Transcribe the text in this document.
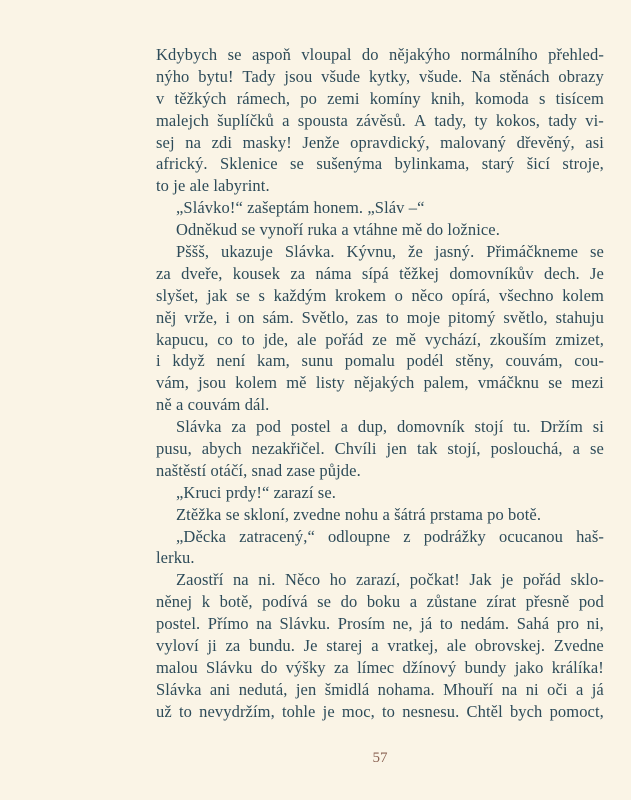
Kdybych se aspoň vloupal do nějakýho normálního přehled-
nýho bytu! Tady jsou všude kytky, všude. Na stěnách obrazy
v těžkých rámech, po zemi komíny knih, komoda s tisícem
malejch šuplíčků a spousta závěsů. A tady, ty kokos, tady vi-
sej na zdi masky! Jenže opravdický, malovaný dřevěný, asi
africký. Sklenice se sušenýma bylinkama, starý šicí stroje,
to je ale labyrint.
„Slávko!“ zašeptám honem. „Sláv –“
Odněkud se vynoří ruka a vtáhne mě do ložnice.
Pššš, ukazuje Slávka. Kývnu, že jasný. Přimáčkneme se
za dveře, kousek za náma sípá těžkej domovníkův dech. Je
slyšet, jak se s každým krokem o něco opírá, všechno kolem
něj vrže, i on sám. Světlo, zas to moje pitomý světlo, stahuju
kapucu, co to jde, ale pořád ze mě vychází, zkouším zmizet,
i když není kam, sunu pomalu podél stěny, couvám, cou-
vám, jsou kolem mě listy nějakých palem, vmáčknu se mezi
ně a couvám dál.
Slávka za pod postel a dup, domovník stojí tu. Držím si
pusu, abych nezakřičel. Chvíli jen tak stojí, poslouchá, a se
naštěstí otáčí, snad zase půjde.
„Kruci prdy!“ zarazí se.
Ztěžka se skloní, zvedne nohu a šátrá prstama po botě.
„Děcka zatracený,“ odloupne z podrážky ocucanou haš-
lerku.
Zaostří na ni. Něco ho zarazí, počkat! Jak je pořád sklo-
něnej k botě, podívá se do boku a zůstane zírat přesně pod
postel. Přímo na Slávku. Prosím ne, já to nedám. Sahá pro ni,
vyloví ji za bundu. Je starej a vratkej, ale obrovskej. Zvedne
malou Slávku do výšky za límec džínový bundy jako králíka!
Slávka ani nedutá, jen šmidlá nohama. Mhouří na ni oči a já
už to nevydržím, tohle je moc, to nesnesu. Chtěl bych pomoct,
57
